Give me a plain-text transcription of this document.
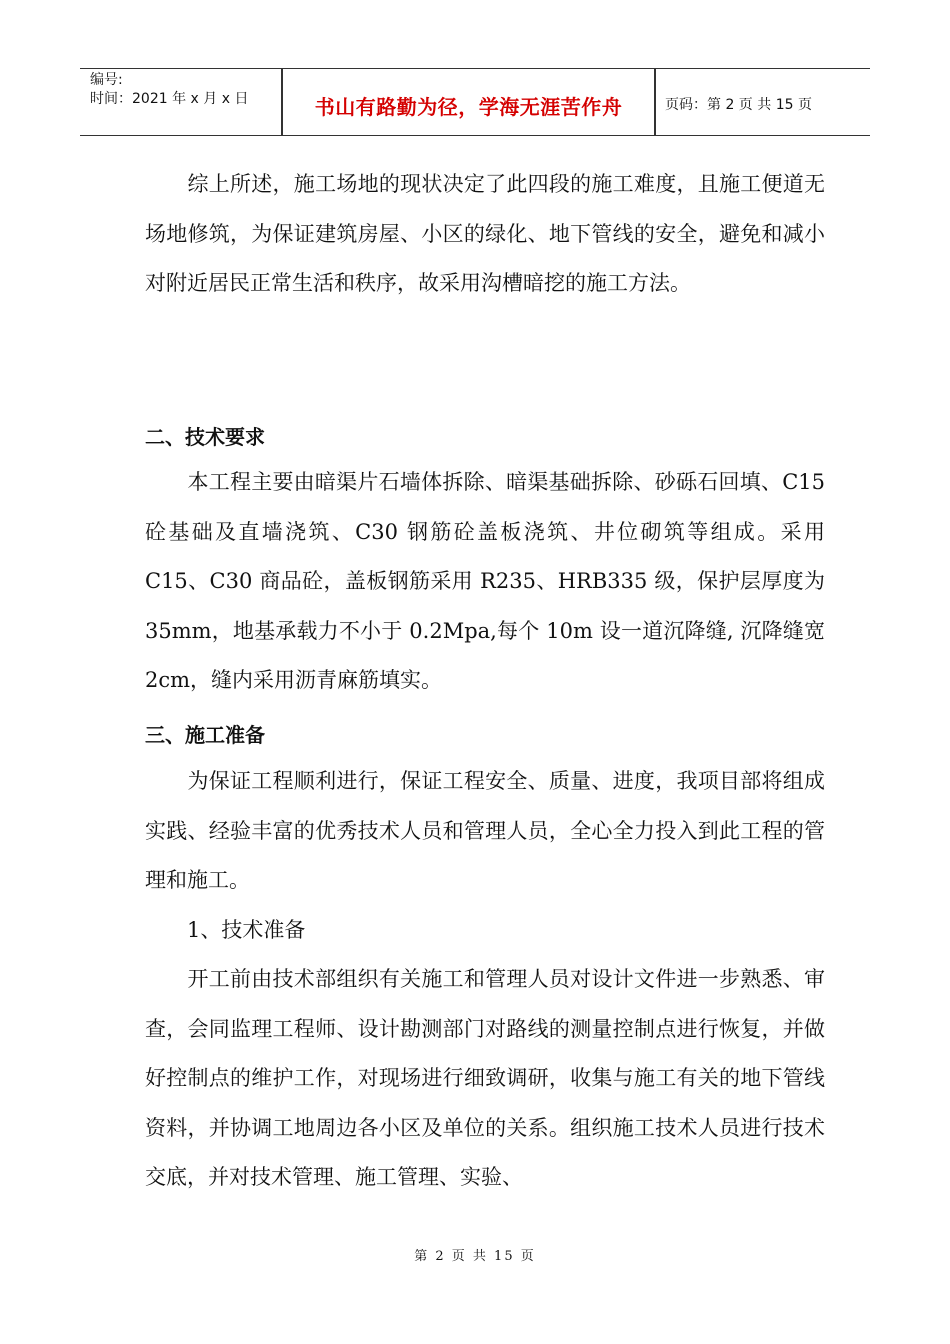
编号:
时间：2021 年 x 月 x 日	书山有路勤为径，学海无涯苦作舟	页码：第 2 页 共 15 页

　　综上所述，施工场地的现状决定了此四段的施工难度，且施工便道无场地修筑，为保证建筑房屋、小区的绿化、地下管线的安全，避免和减小对附近居民正常生活和秩序，故采用沟槽暗挖的施工方法。

二、技术要求

　　本工程主要由暗渠片石墙体拆除、暗渠基础拆除、砂砾石回填、C15 砼基础及直墙浇筑、C30 钢筋砼盖板浇筑、井位砌筑等组成。采用 C15、C30 商品砼，盖板钢筋采用 R235、HRB335 级，保护层厚度为 35mm，地基承载力不小于 0.2Mpa,每个 10m 设一道沉降缝, 沉降缝宽 2cm，缝内采用沥青麻筋填实。

三、施工准备

　　为保证工程顺利进行，保证工程安全、质量、进度，我项目部将组成实践、经验丰富的优秀技术人员和管理人员，全心全力投入到此工程的管理和施工。

　　1、技术准备

　　开工前由技术部组织有关施工和管理人员对设计文件进一步熟悉、审查，会同监理工程师、设计勘测部门对路线的测量控制点进行恢复，并做好控制点的维护工作，对现场进行细致调研，收集与施工有关的地下管线资料，并协调工地周边各小区及单位的关系。组织施工技术人员进行技术交底，并对技术管理、施工管理、实验、

第 2 页 共 15 页
